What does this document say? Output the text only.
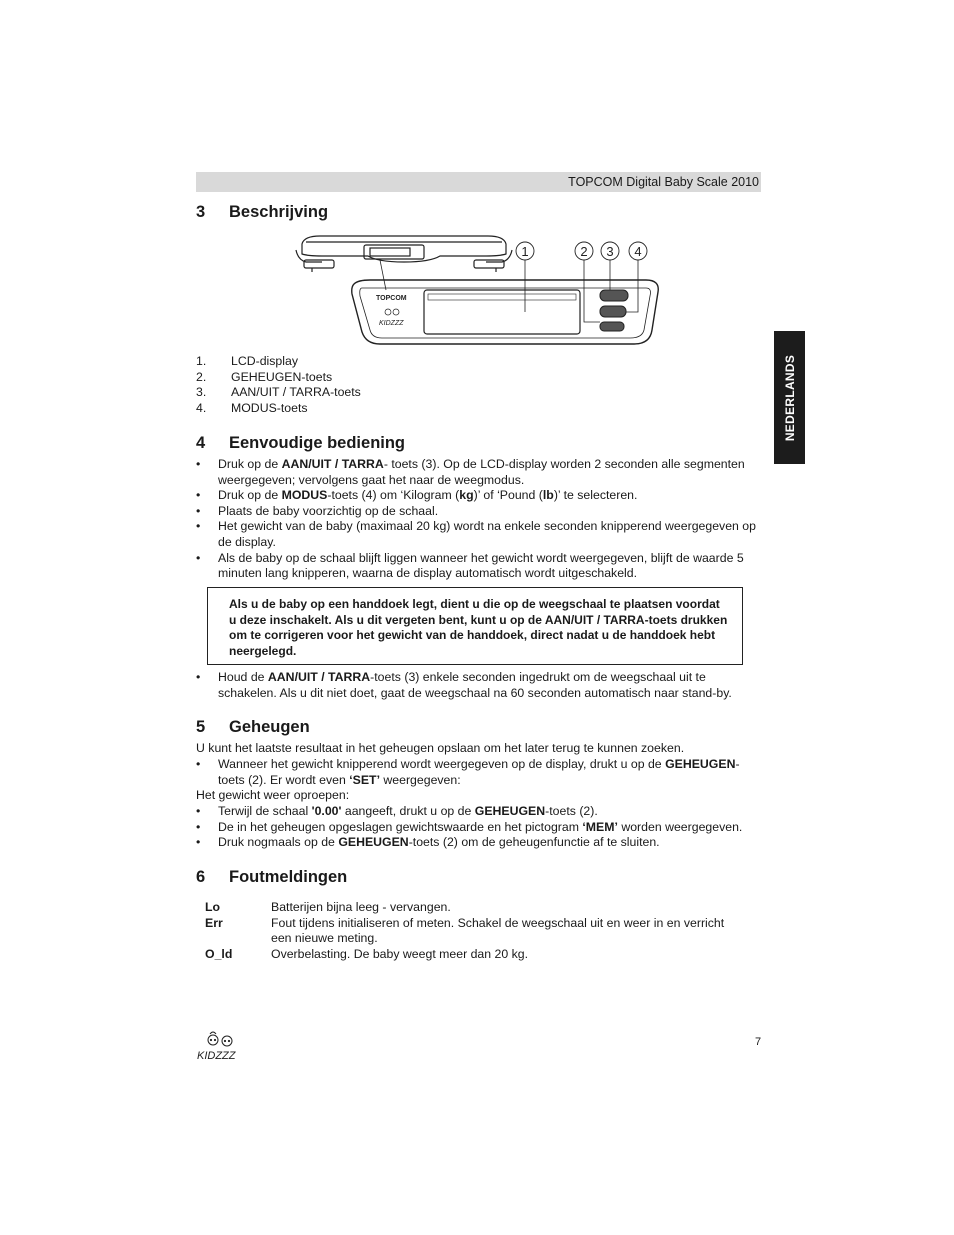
TOPCOM Digital Baby Scale 2010
NEDERLANDS
3 Beschrijving
TOPCOM
KIDZZZ
1	2 3 4
1. LCD-display
2. GEHEUGEN-toets
3. AAN/UIT / TARRA-toets
4. MODUS-toets
4 Eenvoudige bediening
• Druk op de AAN/UIT / TARRA- toets (3). Op de LCD-display worden 2 seconden alle segmenten weergegeven; vervolgens gaat het naar de weegmodus.
• Druk op de MODUS-toets (4) om ‘Kilogram (kg)’ of ‘Pound (lb)’ te selecteren.
• Plaats de baby voorzichtig op de schaal.
• Het gewicht van de baby (maximaal 20 kg) wordt na enkele seconden knipperend weergegeven op de display.
• Als de baby op de schaal blijft liggen wanneer het gewicht wordt weergegeven, blijft de waarde 5 minuten lang knipperen, waarna de display automatisch wordt uitgeschakeld.

Als u de baby op een handdoek legt, dient u die op de weegschaal te plaatsen voordat u deze inschakelt. Als u dit vergeten bent, kunt u op de AAN/UIT / TARRA-toets drukken om te corrigeren voor het gewicht van de handdoek, direct nadat u de handdoek hebt neergelegd.

• Houd de AAN/UIT / TARRA-toets (3) enkele seconden ingedrukt om de weegschaal uit te schakelen. Als u dit niet doet, gaat de weegschaal na 60 seconden automatisch naar stand-by.
5 Geheugen

U kunt het laatste resultaat in het geheugen opslaan om het later terug te kunnen zoeken.

• Wanneer het gewicht knipperend wordt weergegeven op de display, drukt u op de GEHEUGEN-toets (2). Er wordt even ‘SET’ weergegeven:

Het gewicht weer oproepen:

• Terwijl de schaal '0.00' aangeeft, drukt u op de GEHEUGEN-toets (2).
• De in het geheugen opgeslagen gewichtswaarde en het pictogram ‘MEM’ worden weergegeven.
• Druk nogmaals op de GEHEUGEN-toets (2) om de geheugenfunctie af te sluiten.
6 Foutmeldingen
Lo	Batterijen bijna leeg - vervangen.
Err	Fout tijdens initialiseren of meten. Schakel de weegschaal uit en weer in en verricht een nieuwe meting.
O_ld	Overbelasting. De baby weegt meer dan 20 kg.
KIDZZZ
7
